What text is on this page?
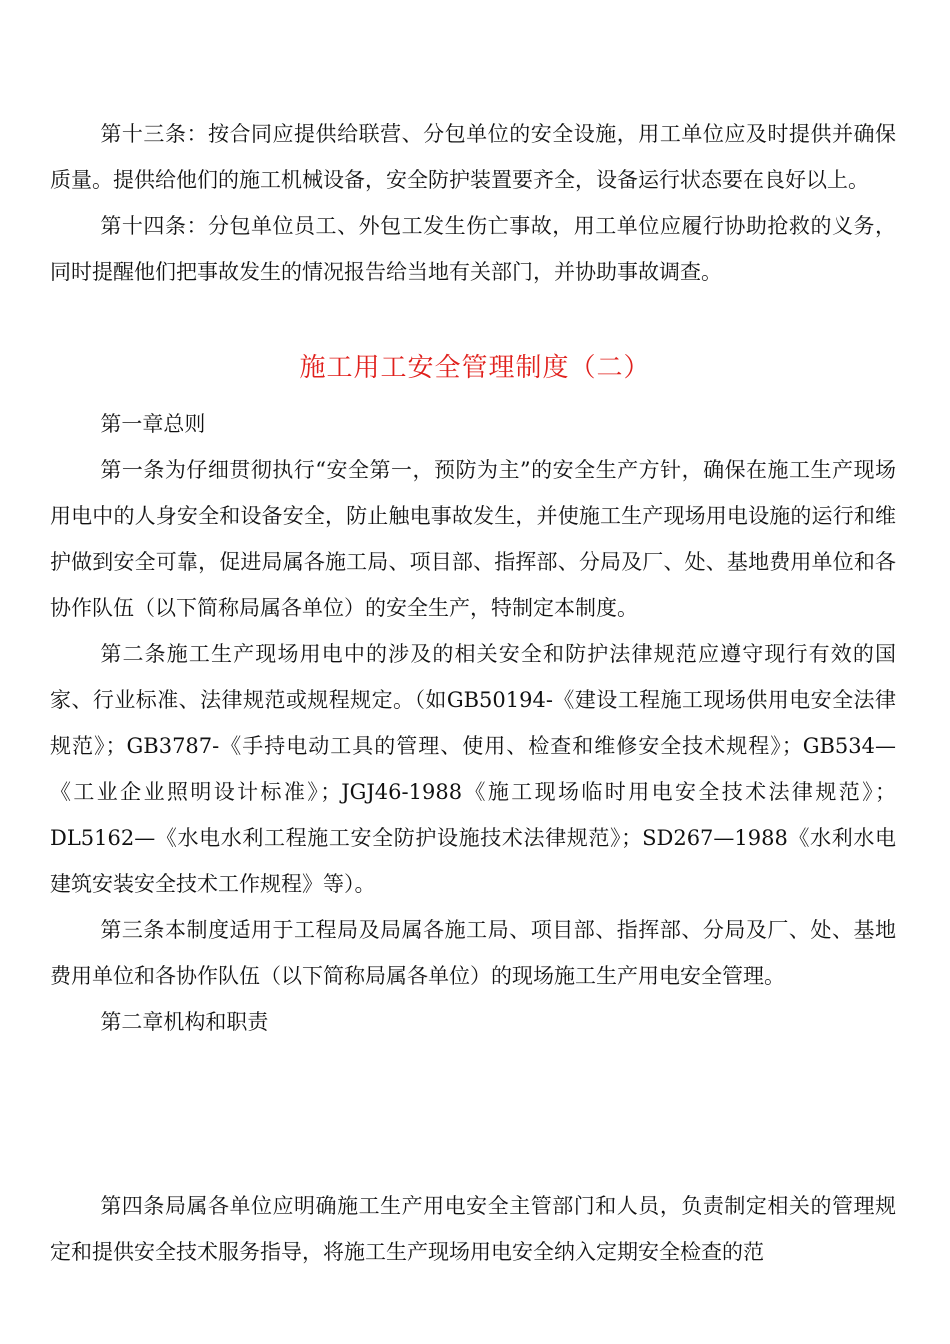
第十三条：按合同应提供给联营、分包单位的安全设施，用工单位应及时提供并确保质量。提供给他们的施工机械设备，安全防护装置要齐全，设备运行状态要在良好以上。

第十四条：分包单位员工、外包工发生伤亡事故，用工单位应履行协助抢救的义务，同时提醒他们把事故发生的情况报告给当地有关部门，并协助事故调查。

施工用工安全管理制度（二）

第一章总则

第一条为仔细贯彻执行“安全第一，预防为主”的安全生产方针，确保在施工生产现场用电中的人身安全和设备安全，防止触电事故发生，并使施工生产现场用电设施的运行和维护做到安全可靠，促进局属各施工局、项目部、指挥部、分局及厂、处、基地费用单位和各协作队伍（以下简称局属各单位）的安全生产，特制定本制度。

第二条施工生产现场用电中的涉及的相关安全和防护法律规范应遵守现行有效的国家、行业标准、法律规范或规程规定。（如GB50194-《建设工程施工现场供用电安全法律规范》；GB3787-《手持电动工具的管理、使用、检查和维修安全技术规程》；GB534—《工业企业照明设计标准》；JGJ46-1988《施工现场临时用电安全技术法律规范》；DL5162—《水电水利工程施工安全防护设施技术法律规范》；SD267—1988《水利水电建筑安装安全技术工作规程》等）。

第三条本制度适用于工程局及局属各施工局、项目部、指挥部、分局及厂、处、基地费用单位和各协作队伍（以下简称局属各单位）的现场施工生产用电安全管理。

第二章机构和职责

第四条局属各单位应明确施工生产用电安全主管部门和人员，负责制定相关的管理规定和提供安全技术服务指导，将施工生产现场用电安全纳入定期安全检查的范
